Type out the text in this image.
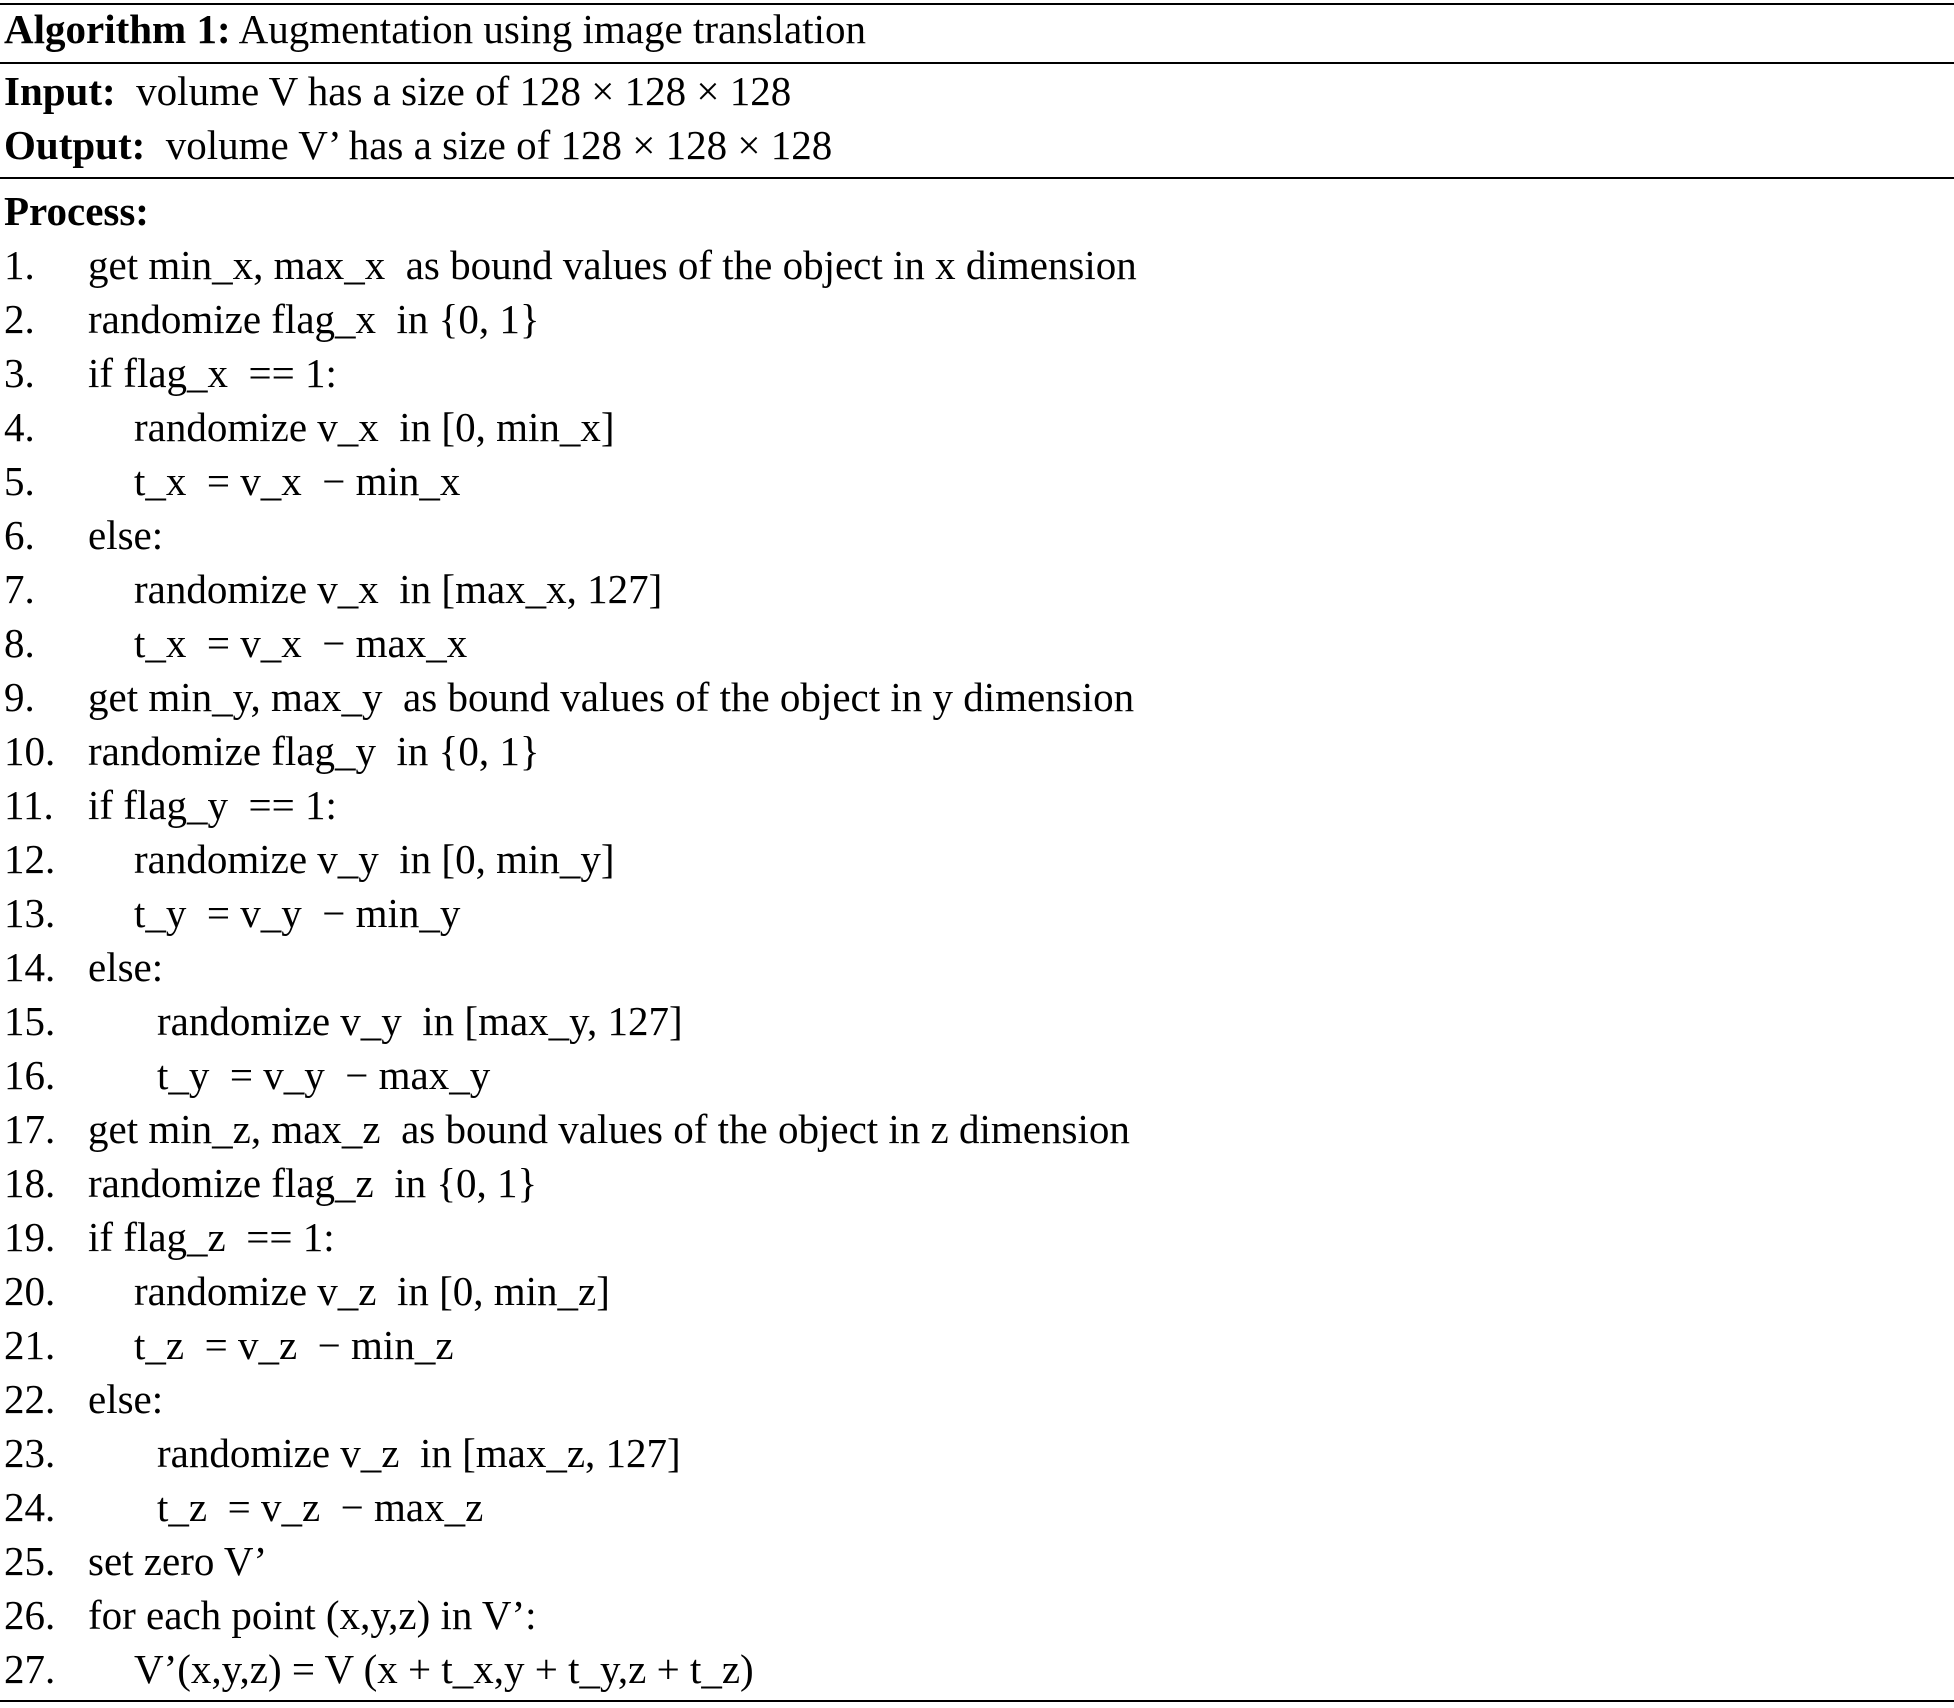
Algorithm 1: Augmentation using image translation
Input: volume V has a size of 128 × 128 × 128
Output: volume V’ has a size of 128 × 128 × 128
Process:
1. get min_x, max_x  as bound values of the object in x dimension
2. randomize flag_x  in {0, 1}
3. if flag_x  == 1:
4. randomize v_x  in [0, min_x]
5. t_x  = v_x  − min_x
6. else:
7. randomize v_x  in [max_x, 127]
8. t_x  = v_x  − max_x
9. get min_y, max_y  as bound values of the object in y dimension
10. randomize flag_y  in {0, 1}
11. if flag_y  == 1:
12. randomize v_y  in [0, min_y]
13. t_y  = v_y  − min_y
14. else:
15. randomize v_y  in [max_y, 127]
16. t_y  = v_y  − max_y
17. get min_z, max_z  as bound values of the object in z dimension
18. randomize flag_z  in {0, 1}
19. if flag_z  == 1:
20. randomize v_z  in [0, min_z]
21. t_z  = v_z  − min_z
22. else:
23. randomize v_z  in [max_z, 127]
24. t_z  = v_z  − max_z
25. set zero V’
26. for each point (x,y,z) in V’:
27. V’(x,y,z) = V (x + t_x,y + t_y,z + t_z)
